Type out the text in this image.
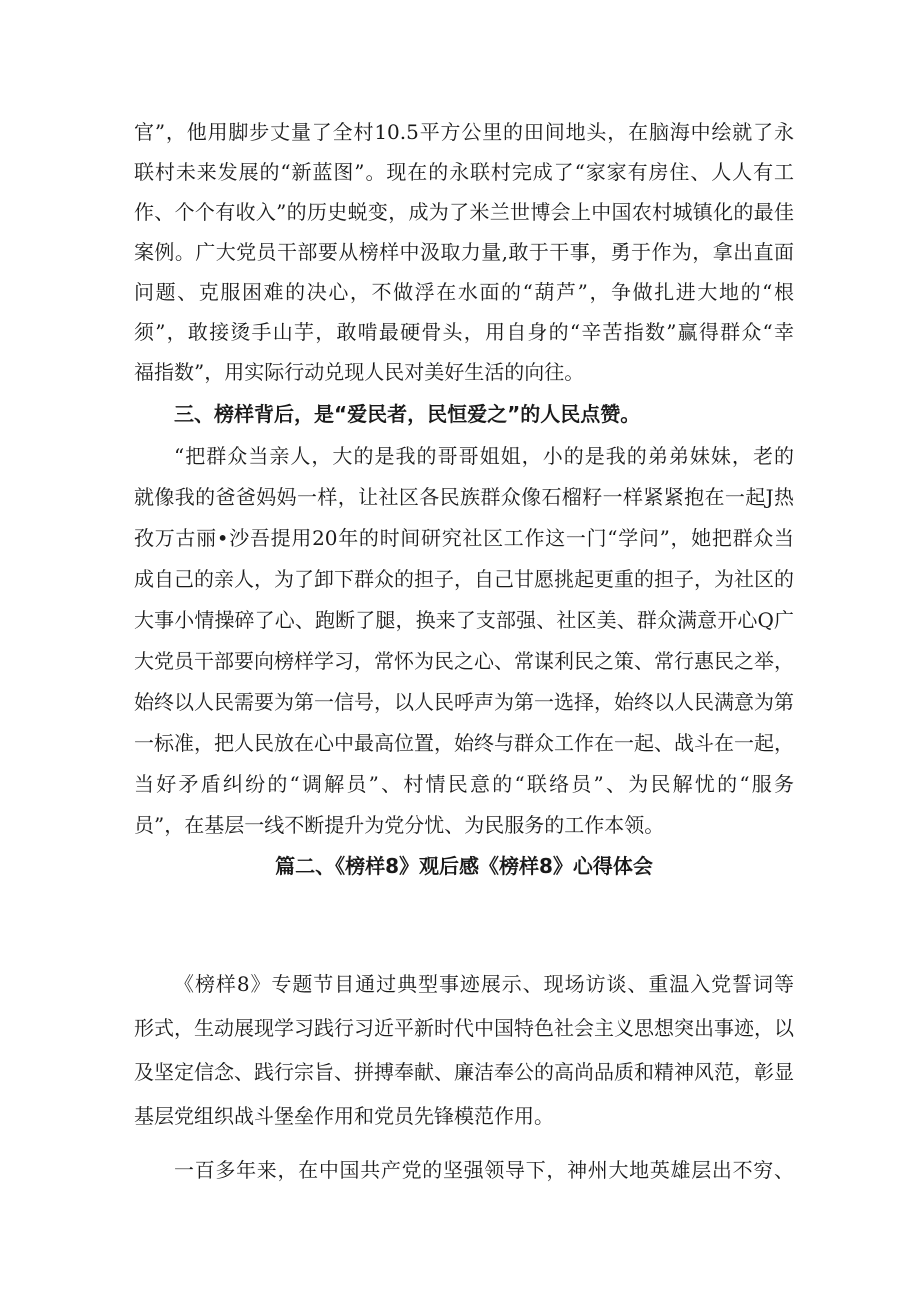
官”，他用脚步丈量了全村10.5平方公里的田间地头，在脑海中绘就了永
联村未来发展的“新蓝图”。现在的永联村完成了“家家有房住、人人有工
作、个个有收入”的历史蜕变，成为了米兰世博会上中国农村城镇化的最佳
案例。广大党员干部要从榜样中汲取力量,敢于干事，勇于作为，拿出直面
问题、克服困难的决心，不做浮在水面的“葫芦”，争做扎进大地的“根
须”，敢接烫手山芋，敢啃最硬骨头，用自身的“辛苦指数”赢得群众“幸
福指数”，用实际行动兑现人民对美好生活的向往。
三、榜样背后，是“爱民者，民恒爱之”的人民点赞。
“把群众当亲人，大的是我的哥哥姐姐，小的是我的弟弟妹妹，老的
就像我的爸爸妈妈一样，让社区各民族群众像石榴籽一样紧紧抱在一起J热
孜万古丽•沙吾提用20年的时间研究社区工作这一门“学问”，她把群众当
成自己的亲人，为了卸下群众的担子，自己甘愿挑起更重的担子，为社区的
大事小情操碎了心、跑断了腿，换来了支部强、社区美、群众满意开心Q广
大党员干部要向榜样学习，常怀为民之心、常谋利民之策、常行惠民之举，
始终以人民需要为第一信号，以人民呼声为第一选择，始终以人民满意为第
一标准，把人民放在心中最高位置，始终与群众工作在一起、战斗在一起，
当好矛盾纠纷的“调解员”、村情民意的“联络员”、为民解忧的“服务
员”，在基层一线不断提升为党分忧、为民服务的工作本领。
篇二、《榜样8》观后感《榜样8》心得体会
《榜样8》专题节目通过典型事迹展示、现场访谈、重温入党誓词等
形式，生动展现学习践行习近平新时代中国特色社会主义思想突出事迹，以
及坚定信念、践行宗旨、拼搏奉献、廉洁奉公的高尚品质和精神风范，彰显
基层党组织战斗堡垒作用和党员先锋模范作用。
一百多年来，在中国共产党的坚强领导下，神州大地英雄层出不穷、
